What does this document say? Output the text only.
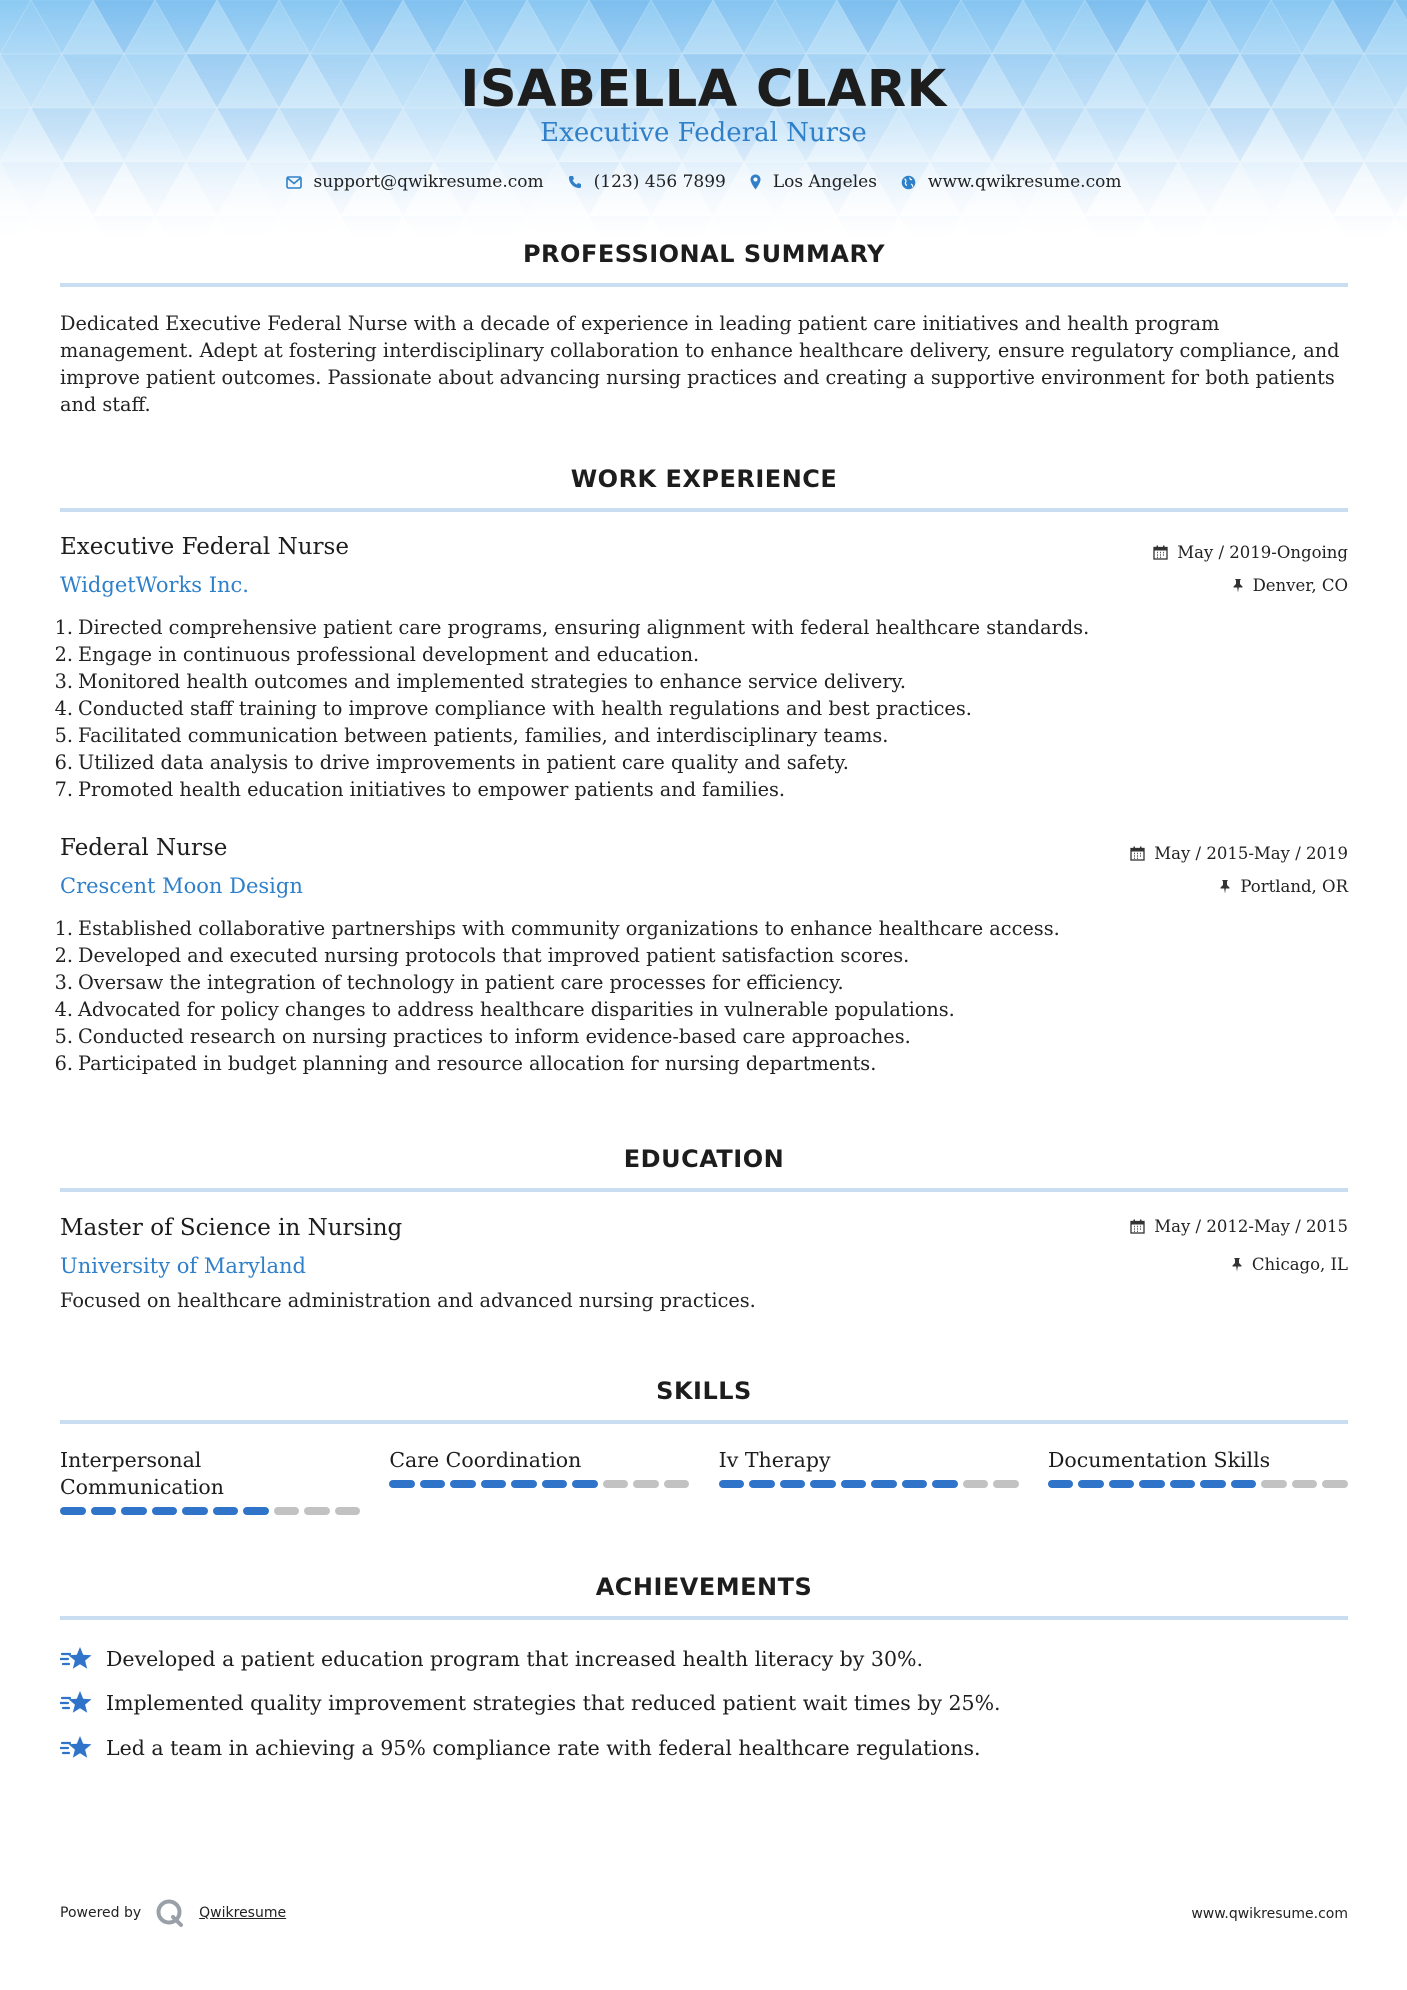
ISABELLA CLARK
Executive Federal Nurse
support@qwikresume.com	(123) 456 7899	Los Angeles	www.qwikresume.com
PROFESSIONAL SUMMARY

Dedicated Executive Federal Nurse with a decade of experience in leading patient care initiatives and health program management. Adept at fostering interdisciplinary collaboration to enhance healthcare delivery, ensure regulatory compliance, and improve patient outcomes. Passionate about advancing nursing practices and creating a supportive environment for both patients and staff.

WORK EXPERIENCE
Executive Federal Nurse
WidgetWorks Inc.
May / 2019-Ongoing
Denver, CO
1. Directed comprehensive patient care programs, ensuring alignment with federal healthcare standards.
2. Engage in continuous professional development and education.
3. Monitored health outcomes and implemented strategies to enhance service delivery.
4. Conducted staff training to improve compliance with health regulations and best practices.
5. Facilitated communication between patients, families, and interdisciplinary teams.
6. Utilized data analysis to drive improvements in patient care quality and safety.
7. Promoted health education initiatives to empower patients and families.
Federal Nurse
Crescent Moon Design
May / 2015-May / 2019
Portland, OR
1. Established collaborative partnerships with community organizations to enhance healthcare access.
2. Developed and executed nursing protocols that improved patient satisfaction scores.
3. Oversaw the integration of technology in patient care processes for efficiency.
4. Advocated for policy changes to address healthcare disparities in vulnerable populations.
5. Conducted research on nursing practices to inform evidence-based care approaches.
6. Participated in budget planning and resource allocation for nursing departments.
EDUCATION
Master of Science in Nursing
University of Maryland
May / 2012-May / 2015
Chicago, IL
Focused on healthcare administration and advanced nursing practices.
SKILLS
Interpersonal Communication
Care Coordination	Iv Therapy	Documentation Skills
ACHIEVEMENTS
Developed a patient education program that increased health literacy by 30%.
Implemented quality improvement strategies that reduced patient wait times by 25%.
Led a team in achieving a 95% compliance rate with federal healthcare regulations.
Powered by	Qwikresume	www.qwikresume.com
